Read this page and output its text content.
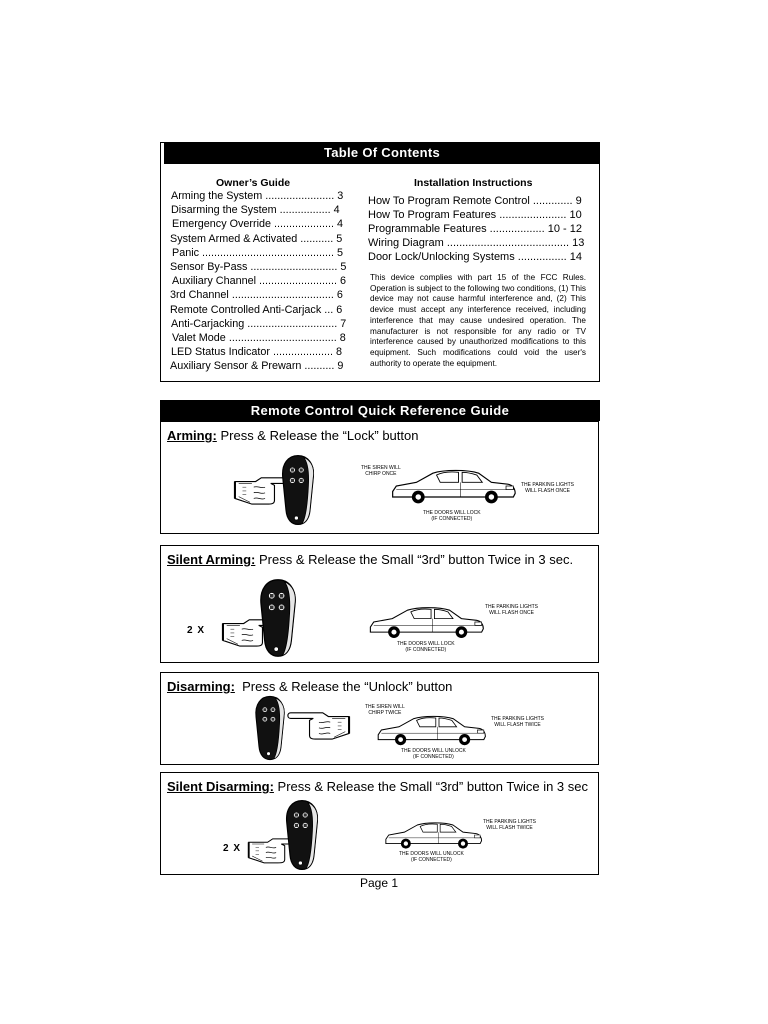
Table Of Contents
Owner’s Guide
Arming the System ....................... 3
Disarming the System ................. 4
Emergency Override .................... 4
System Armed & Activated ........... 5
Panic ............................................ 5
Sensor By-Pass ............................. 5
Auxiliary Channel .......................... 6
3rd Channel .................................. 6
Remote Controlled Anti-Carjack ... 6
Anti-Carjacking .............................. 7
Valet Mode .................................... 8
LED Status Indicator .................... 8
Auxiliary Sensor & Prewarn .......... 9
Installation Instructions
How To Program Remote Control ............. 9
How To Program Features ...................... 10
Programmable Features .................. 10 - 12
Wiring Diagram ........................................ 13
Door Lock/Unlocking Systems ................ 14
This device complies with part 15 of the FCC Rules. Operation is subject to the following two conditions, (1) This device may not cause harmful interference and, (2) This device must accept any interference received, including interference that may cause undesired operation. The manufacturer is not responsible for any radio or TV interference caused by unauthorized modifications to this equipment. Such modifications could void the user's authority to operate the equipment.
Remote Control Quick Reference Guide
Arming: Press & Release the “Lock” button
THE SIREN WILL
CHIRP ONCE
THE PARKING LIGHTS
WILL FLASH ONCE
THE DOORS WILL LOCK
(IF CONNECTED)
Silent Arming: Press & Release the Small “3rd” button Twice in 3 sec.
2 X
THE PARKING LIGHTS
WILL FLASH ONCE
THE DOORS WILL LOCK
(IF CONNECTED)
Disarming: Press & Release the “Unlock” button
THE SIREN WILL
CHIRP TWICE
THE PARKING LIGHTS
WILL FLASH TWICE
THE DOORS WILL UNLOCK
(IF CONNECTED)
Silent Disarming: Press & Release the Small “3rd” button Twice in 3 sec
2 X
THE PARKING LIGHTS
WILL FLASH TWICE
THE DOORS WILL UNLOCK
(IF CONNECTED)
Page 1
